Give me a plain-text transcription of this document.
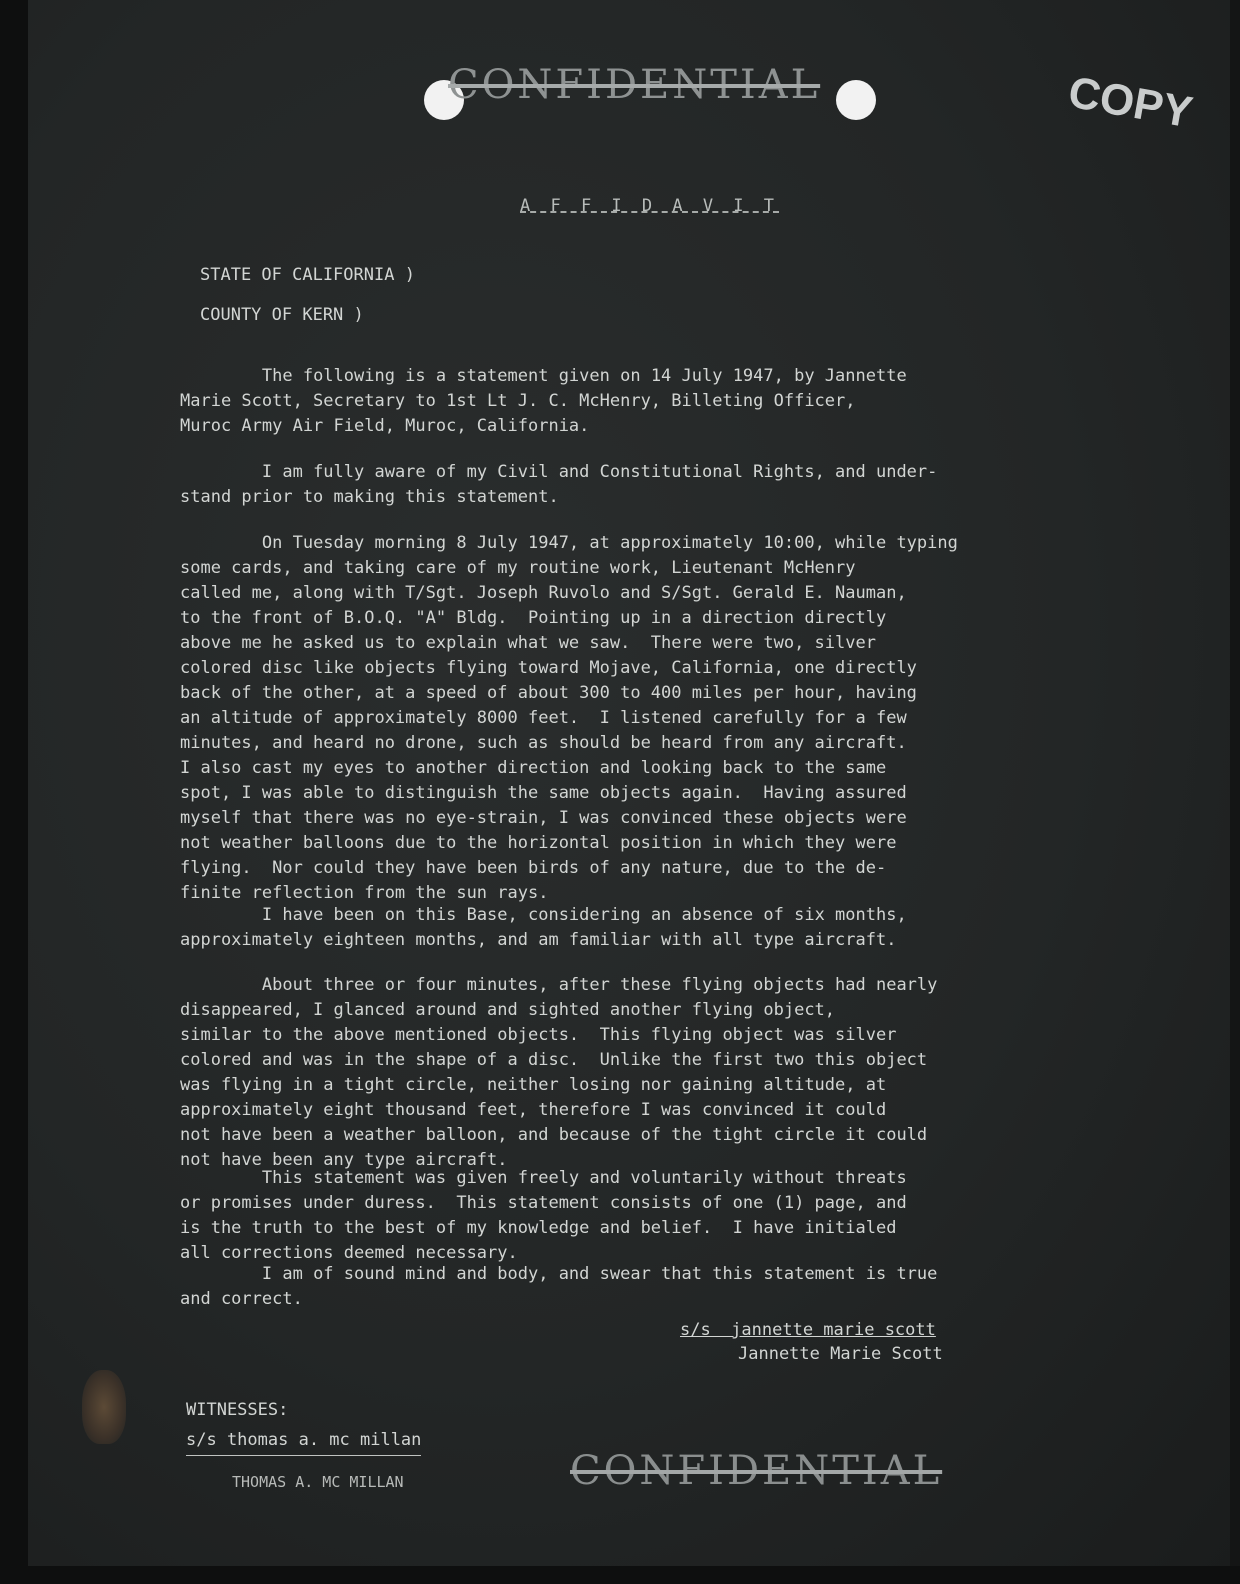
CONFIDENTIAL	COPY
A F F I D A V I T
STATE OF CALIFORNIA )
COUNTY OF KERN )

The following is a statement given on 14 July 1947, by Jannette
Marie Scott, Secretary to 1st Lt J. C. McHenry, Billeting Officer,
Muroc Army Air Field, Muroc, California.

I am fully aware of my Civil and Constitutional Rights, and under-
stand prior to making this statement.

On Tuesday morning 8 July 1947, at approximately 10:00, while typing
some cards, and taking care of my routine work, Lieutenant McHenry
called me, along with T/Sgt. Joseph Ruvolo and S/Sgt. Gerald E. Nauman,
to the front of B.O.Q. "A" Bldg.  Pointing up in a direction directly
above me he asked us to explain what we saw.  There were two, silver
colored disc like objects flying toward Mojave, California, one directly
back of the other, at a speed of about 300 to 400 miles per hour, having
an altitude of approximately 8000 feet.  I listened carefully for a few
minutes, and heard no drone, such as should be heard from any aircraft.
I also cast my eyes to another direction and looking back to the same
spot, I was able to distinguish the same objects again.  Having assured
myself that there was no eye-strain, I was convinced these objects were
not weather balloons due to the horizontal position in which they were
flying.  Nor could they have been birds of any nature, due to the de-
finite reflection from the sun rays.

I have been on this Base, considering an absence of six months,
approximately eighteen months, and am familiar with all type aircraft.

About three or four minutes, after these flying objects had nearly
disappeared, I glanced around and sighted another flying object,
similar to the above mentioned objects.  This flying object was silver
colored and was in the shape of a disc.  Unlike the first two this object
was flying in a tight circle, neither losing nor gaining altitude, at
approximately eight thousand feet, therefore I was convinced it could
not have been a weather balloon, and because of the tight circle it could
not have been any type aircraft.

This statement was given freely and voluntarily without threats
or promises under duress.  This statement consists of one (1) page, and
is the truth to the best of my knowledge and belief.  I have initialed
all corrections deemed necessary.

I am of sound mind and body, and swear that this statement is true
and correct.

s/s  jannette marie scott
Jannette Marie Scott
WITNESSES:
s/s thomas a. mc millan
THOMAS A. MC MILLAN	CONFIDENTIAL
